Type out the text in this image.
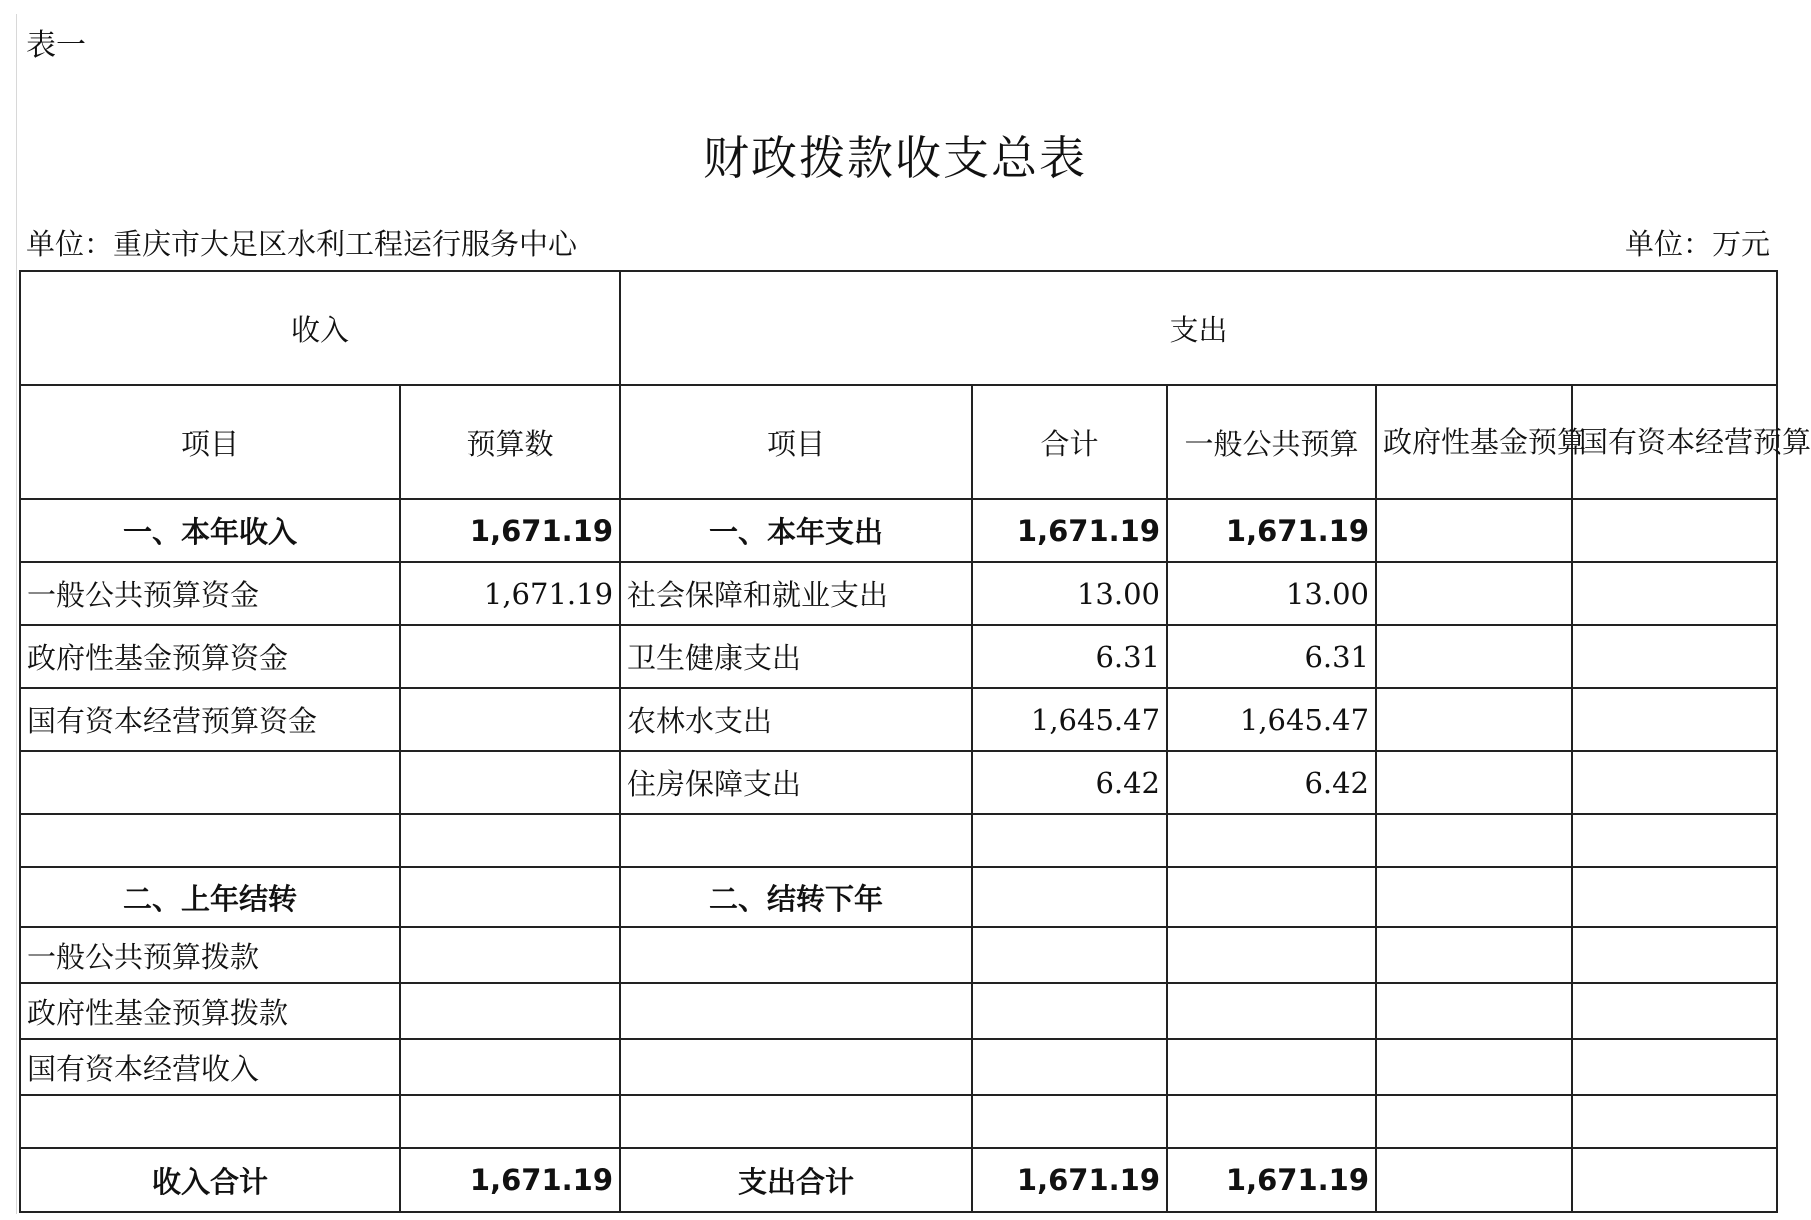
表一
财政拨款收支总表
单位：重庆市大足区水利工程运行服务中心	单位：万元
收入		支出				
项目	预算数	项目	合计	一般公共预算	政府性基金预算	国有资本经营预算
一、本年收入	1,671.19	一、本年支出	1,671.19	1,671.19		
一般公共预算资金	1,671.19	社会保障和就业支出	13.00	13.00		
政府性基金预算资金		卫生健康支出	6.31	6.31		
国有资本经营预算资金		农林水支出	1,645.47	1,645.47		
		住房保障支出	6.42	6.42		

二、上年结转		二、结转下年				
一般公共预算拨款						
政府性基金预算拨款						
国有资本经营收入						

收入合计	1,671.19	支出合计	1,671.19	1,671.19		
